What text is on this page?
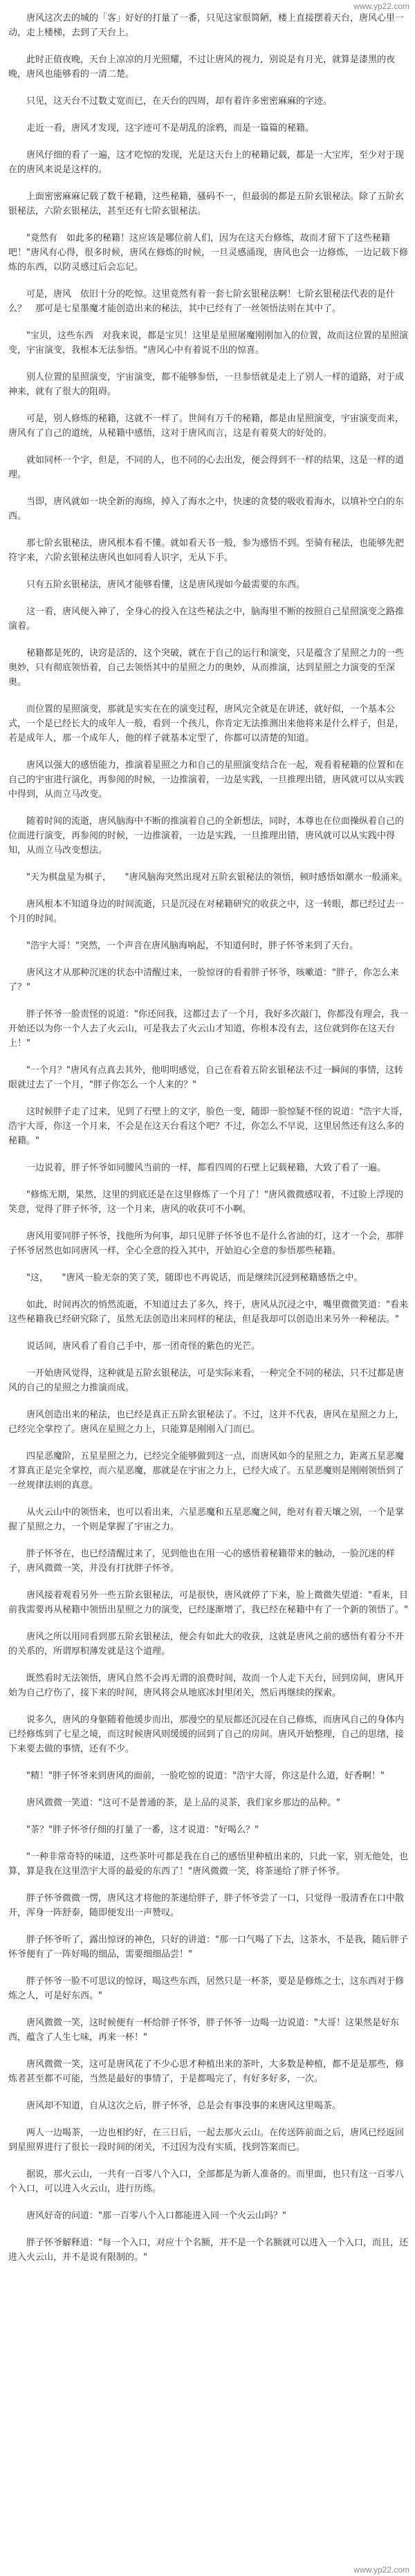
www.yp22.com

唐风这次去的城的「客」好好的打量了一番，只见这家很简陋，楼上直接摆着天台，唐风心里一动，走上楼梯，去到了天台上。

此时正值夜晚，天台上凉凉的月光照耀，不过让唐风的视力，别说是有月光，就算是漆黑的夜晚，唐风也能够看的一清二楚。

只见，这天台不过数丈宽而已，在天台的四周，却有着许多密密麻麻的字迹。

走近一看，唐风才发现，这字迹可不是胡乱的涂鸦，而是一篇篇的秘籍。

唐风仔细的看了一遍，这才吃惊的发现，光是这天台上的秘籍记载，都是一大宝库，至少对于现在的唐风来说是这样的。

上面密密麻麻记载了数千秘籍，这些秘籍，骚码不一，但最弱的都是五阶玄银秘法。除了五阶玄银秘法，六阶玄银秘法，甚至还有七阶玄银秘法。

"竟然有　如此多的秘籍！这应该是哪位前人们，因为在这天台修炼，故而才留下了这些秘籍吧！"唐风有心得，很多时候，唐风在修炼的时候，一旦灵感涌现，唐风也会一边修炼，一边记载下修炼的东西，以防灵感过后会忘记。

可是，唐风　依旧十分的吃惊。这里竟然有着一套七阶玄银秘法啊！七阶玄银秘法代表的是什么？　那可是七星墨魔才能创造出来的秘法，其中已经有了一丝领悟法则在其中了。

"宝贝，这些东西　对我来说，都是宝贝！这里是星照屠魔刚刚加入的位置，故而这位置的星照演变，宇宙演变，我根本无法参悟。"唐风心中有着说不出的惊喜。

别人位置的星照演变，宇宙演变，都不能够参悟，一旦参悟就是走上了别人一样的道路，对于成神来，就有了很大的阻碍。

可是，别人修炼的秘籍，这就不一样了。世间有万千的秘籍，都是由星照演变，宇宙演变而来，唐风有了自己的道统，从秘籍中感悟，这对于唐风而言，这是有着莫大的好处的。

就如同杯一个字，但是，不同的人，也不同的心去出发，便会得到不一样的结果，这是一样的道理。

当即，唐风就如一块全新的海绵，掉入了海水之中，快速的贪婪的吸收着海水，以填补空白的东西。

那七阶玄银秘法，唐风根本看不懂。就如看天书一般，参为感悟不到。至骑有秘法，也能够先把符字来，六阶玄银秘法唐风也如同看人识字，无从下手。

只有五阶玄银秘法，唐风才能够看懂，这是唐风现如今最需要的东西。

这一看，唐风便入神了，全身心的投入在这些秘法之中，脑海里不断的按照自己星照演变之路推演着。

秘籍都是死的，诀窍是活的，这个突破，就在于自己的运行和演变，只是蕴含了星照之力的一些奥妙，只有彻底领悟着，自己去领悟其中的星照之力的奥妙，从而推演，达到星照之力演变的至深奥。

而位置的星照演变，那就是实实在在的演变过程，唐风完全就是在讲述，就好似，一个基本公式，一个是已经长大的成年人一般，看到一个孩儿，你肯定无法推测出来他将来是什么样子，但是，若是成年人，那一个成年人，他的样子就基本定型了，你都可以清楚的知道。

唐风以强大的感悟能力，推演着星照之力和自己的星照演变结合在一起，观看着秘籍的位置和在自己的宇宙进行演化，再参阅的时候，一边推演着，一边是实践，一旦推理出错，唐风就可以从实践中得到，从而立马改变。

随着时间的流逝，唐风脑海中不断的推演着自己的全新想法，同时，本尊也在位面操纵着自己的位面进行演变，再参阅的时候，一边推演着，一边是实践，一旦推理出错，唐风就可以从实践中得知，从而立马改变想法。

"天为棋盘星为棋子，　　"唐风脑海突然出现对五阶玄银秘法的领悟，顿时感悟如潮水一般涌来。

唐风根本不知道身边的时间流逝，只是沉浸在对秘籍研究的收获之中，这一转眼，都已经过去一个月的时间。

"浩宇大哥！"突然，一个声音在唐风脑海响起，不知道何时，胖子怀爷来到了天台。

唐风这才从那种沉迷的状态中清醒过来，一脸惊讶的看着胖子怀爷，咳嗽道："胖子，你怎么来了？"

胖子怀爷一脸责怪的说道："你还问我，这都过去了一个月，我好多次敲门，你都没有理会，我一开始还以为你一个人去了火云山，可是我去了火云山才知道，你根本没有去，这位就到你在这天台上！"

"一个月？"唐风有点真去其外，他明明感觉，自己在看着五阶玄银秘法不过一瞬间的事情，这转眼就过去了一个月，"胖子你怎么一个人来的？"

这时候胖子走了过来，见到了石壁上的文字，脸色一变，随即一脸惊疑不怪的说道："浩宇大哥，浩宇大哥，你这一个月来，不会是在这天台看这个吧？不过，你怎么不早说，这里居然还有这么多的秘籍。"

一边说着，胖子怀爷如同腰风当前的一样，都看四周的石壁上记载秘籍，大致了看了一遍。

"修炼无期，果然，这里的到底还是在这里修炼了一个月了！"唐风微微感叹着，不过脸上浮现的笑意，觉得了胖子怀爷，这一个月来，唐风的收获可不小啊。

唐风用要同胖子怀爷，找他所为何事，却只见胖子怀爷也不是什么省油的灯，这才一个会，那胖子怀爷居然也如同唐风一样，全心全意的投入其中，开始迫心全意的参悟那些秘籍。

"这，　　"唐风一脸无奈的笑了笑，随即也不再说话，而是继续沉浸到秘籍感悟之中。

如此，时间再次的悄然流逝，不知道过去了多久，终于，唐风从沉浸之中，嘴里微微笑道："看来这些秘籍我已经研究除了，虽然无法创造出来同样的秘法，但是我却可以创造出来另外一种秘法。"

说话间，唐风看了看自己手中，那一团奇怪的紫色的光芒。

一开始唐风觉得，这种就是五阶玄银秘法，可是实际来看，一种完全不同的秘法，只不过都是唐风的自己的星照之力推演而成。

唐风创造出来的秘法，也已经是真正五阶玄银秘法了。不过，这并不代表，唐风在星照之力上，已经完全掌控了。唐风在星照之力上，只能算是刚刚入门而已。

四星恶魔阶，五星星照之力，已经完全能够做到这一点，而唐风如今的星照之力，距离五星恶魔才算真正是完全掌控，而六星恶魔，那就是在宇宙之力上，已经大成了。五星恶魔则是刚刚领悟到了一丝规律法则的真意。

从火云山中的领悟来，也可以看出来，六星恶魔和五星恶魔之间，绝对有着天壤之别，一个是掌握了星照之力，一个则是掌握了宇宙之力。

胖子怀爷在，也已经清醒过来了，见到他也在用一心的感悟着秘籍带来的触动，一脸沉迷的样子，唐风微微一笑，并没有打扰胖子怀爷。

唐风接着观看另外一些五阶玄银秘法，可是很快，唐风就停了下来，脸上微微失望道："看来，目前我需要再从秘籍中领悟出星照之力的演变，已经逐渐增了，我已经在秘籍中有了一个新的领悟了。"

唐风之所以用同看到那五阶玄银秘法，便会有如此大的收获，这就是唐风之前的感悟有着分不开的关系的，所谓厚积薄发就是这个道理。

既然看时无法领悟，唐风自然不会再无谓的浪费时间，故而一个人走下天台，回到房间，唐风开始为自己疗伤了，接下来的时间，唐风将会从地底冰封里闭关，然后再继续的探索。

说多久，唐风的身躯随着他缓步而出，那漫空的星辰都还沉浸在自己修炼，而唐风自己的身体内已经修炼到了七星之境，而这时候唐风则缓缓的回到了自己的房间。唐风开始整理，自己的思绪，接下来要去做的事情，还有不少。

"精！"胖子怀爷来到唐风的面前，一脸吃惊的说道："浩宇大哥，你这是什么道，好香啊！"

唐风微微一笑道："这可不是普通的茶，是上品的灵茶，我们家乡那边的品种。"

"茶？"胖子怀爷仔细的打量了一番，这才说道："好喝么？"

"一种非常奇特的味道，这些茶叶可都是我在自己的感悟里种植出来的，只此一家，别无他处，也算，算是我在这里浩宇大哥的最爱的东西了！"唐风微微一笑，将茶递给了胖子怀爷。

胖子怀爷微微一愣，唐风这才将他的茶递给胖子，胖子怀爷尝了一口，只觉得一股清香在口中散开，浑身一阵舒泰，随即便发出一声赞叹。

胖子怀爷听了，露出惊讶的神色，只好的讲道："那一口气喝了下去，这茶水，不是我，随后胖子怀爷便有了一阵好喝的细品，需要细细品尝！"

胖子怀爷一脸不可思议的惊讶，喝这些东西，居然只是一杯茶，要是是修炼之士，这东西对于修炼之人，可是好东西。"

唐风微微一笑，这时候便有一杯给胖子怀爷，胖子怀爷一边喝一边说道："大哥！这果然是好东西，蕴含了人生七味，再来一杯！"

唐风微微一笑，这可是唐风花了不少心思才种植出来的茶叶，大多数是种植，都不是是那些，修炼者甚至都不可能，当然是最好的事情了，于是都喝完了，有好多好多，一次。

唐风却不知道，自从这次之后，胖子怀爷，总是会有事没事的来唐风这里喝茶。

两人一边喝茶，一边也相约好，在三日后，一起去那火云山。在传送阵前面之后，唐风已经返回到星照界进行了很长一段时间的闭关，不过因为没有实质，找到答案而已。

据说，那火云山，一共有一百零八个入口，全部都是为新人准备的。而里面，也只有这一百零八个入口，可以进入火云山，进行历练。

唐风好奇的问道："那一百零八个入口都能进入同一个火云山吗？"

胖子怀爷解释道："每一个入口，对应十个名额，并不是一个名额就可以进入一个入口，而且，还进入火云山，并不是说有限制的。"

www.yp22.com
